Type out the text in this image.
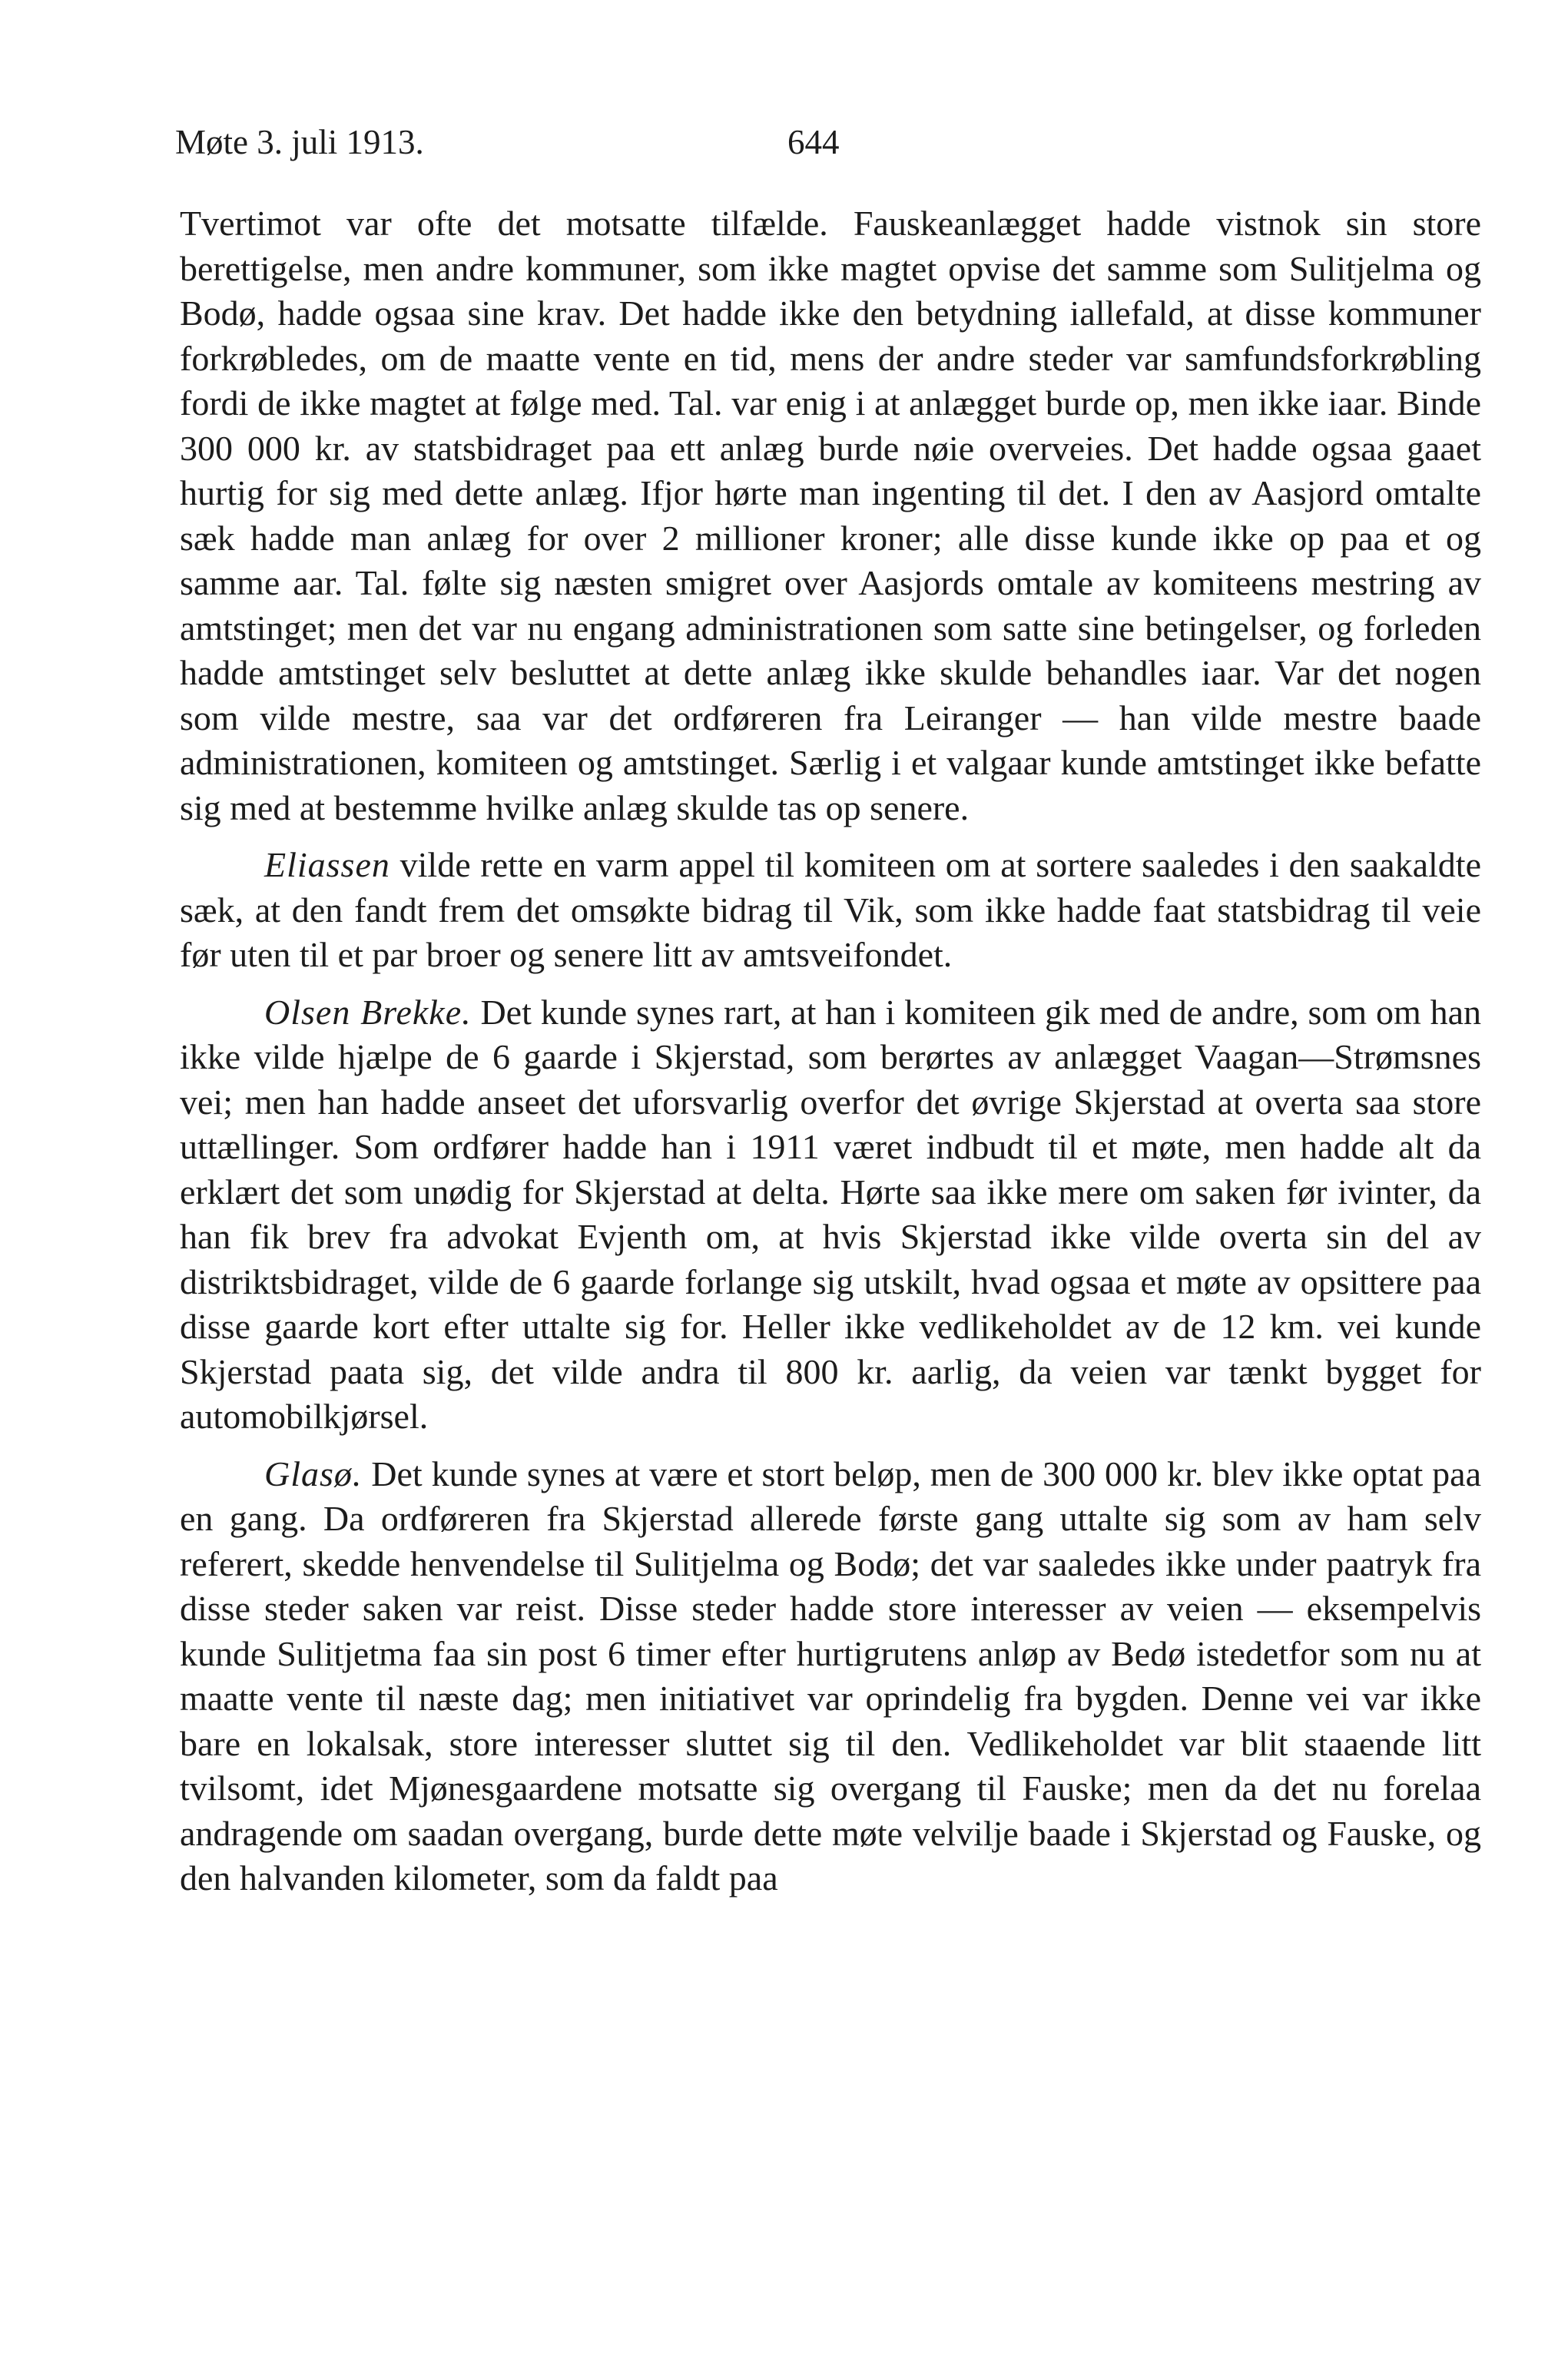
Møte 3. juli 1913.	644

Tvertimot var ofte det motsatte tilfælde. Fauskeanlægget hadde vistnok sin store berettigelse, men andre kommuner, som ikke magtet opvise det samme som Sulitjelma og Bodø, hadde ogsaa sine krav. Det hadde ikke den betydning iallefald, at disse kommuner forkrøbledes, om de maatte vente en tid, mens der andre steder var samfundsforkrøbling fordi de ikke magtet at følge med. Tal. var enig i at anlægget burde op, men ikke iaar. Binde 300 000 kr. av statsbidraget paa ett anlæg burde nøie overveies. Det hadde ogsaa gaaet hurtig for sig med dette anlæg. Ifjor hørte man ingenting til det. I den av Aasjord omtalte sæk hadde man anlæg for over 2 millioner kroner; alle disse kunde ikke op paa et og samme aar. Tal. følte sig næsten smigret over Aasjords omtale av komiteens mestring av amtstinget; men det var nu engang administrationen som satte sine betingelser, og forleden hadde amtstinget selv besluttet at dette anlæg ikke skulde behandles iaar. Var det nogen som vilde mestre, saa var det ordføreren fra Leiranger — han vilde mestre baade administrationen, komiteen og amtstinget. Særlig i et valgaar kunde amtstinget ikke befatte sig med at bestemme hvilke anlæg skulde tas op senere.

Eliassen vilde rette en varm appel til komiteen om at sortere saaledes i den saakaldte sæk, at den fandt frem det omsøkte bidrag til Vik, som ikke hadde faat statsbidrag til veie før uten til et par broer og senere litt av amtsveifondet.

Olsen Brekke. Det kunde synes rart, at han i komiteen gik med de andre, som om han ikke vilde hjælpe de 6 gaarde i Skjerstad, som berørtes av anlægget Vaagan—Strømsnes vei; men han hadde anseet det uforsvarlig overfor det øvrige Skjerstad at overta saa store uttællinger. Som ordfører hadde han i 1911 været indbudt til et møte, men hadde alt da erklært det som unødig for Skjerstad at delta. Hørte saa ikke mere om saken før ivinter, da han fik brev fra advokat Evjenth om, at hvis Skjerstad ikke vilde overta sin del av distriktsbidraget, vilde de 6 gaarde forlange sig utskilt, hvad ogsaa et møte av opsittere paa disse gaarde kort efter uttalte sig for. Heller ikke vedlikeholdet av de 12 km. vei kunde Skjerstad paata sig, det vilde andra til 800 kr. aarlig, da veien var tænkt bygget for automobilkjørsel.

Glasø. Det kunde synes at være et stort beløp, men de 300 000 kr. blev ikke optat paa en gang. Da ordføreren fra Skjerstad allerede første gang uttalte sig som av ham selv referert, skedde henvendelse til Sulitjelma og Bodø; det var saaledes ikke under paatryk fra disse steder saken var reist. Disse steder hadde store interesser av veien — eksempelvis kunde Sulitjetma faa sin post 6 timer efter hurtigrutens anløp av Bedø istedetfor som nu at maatte vente til næste dag; men initiativet var oprindelig fra bygden. Denne vei var ikke bare en lokalsak, store interesser sluttet sig til den. Vedlikeholdet var blit staaende litt tvilsomt, idet Mjønesgaardene motsatte sig overgang til Fauske; men da det nu forelaa andragende om saadan overgang, burde dette møte velvilje baade i Skjerstad og Fauske, og den halvanden kilometer, som da faldt paa
